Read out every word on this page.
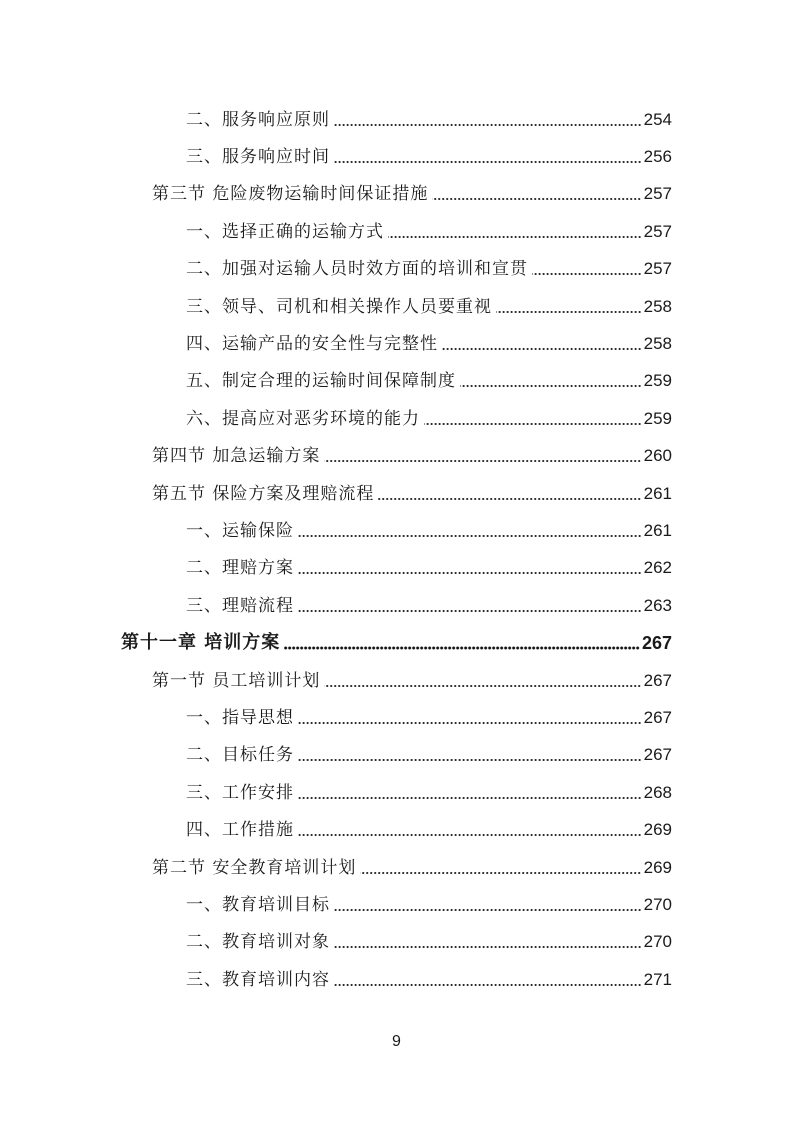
二、服务响应原则	254
三、服务响应时间	256
第三节 危险废物运输时间保证措施	257
一、选择正确的运输方式	257
二、加强对运输人员时效方面的培训和宣贯	257
三、领导、司机和相关操作人员要重视	258
四、运输产品的安全性与完整性	258
五、制定合理的运输时间保障制度	259
六、提高应对恶劣环境的能力	259
第四节 加急运输方案	260
第五节 保险方案及理赔流程	261
一、运输保险	261
二、理赔方案	262
三、理赔流程	263
第十一章 培训方案	267
第一节 员工培训计划	267
一、指导思想	267
二、目标任务	267
三、工作安排	268
四、工作措施	269
第二节 安全教育培训计划	269
一、教育培训目标	270
二、教育培训对象	270
三、教育培训内容	271
9
